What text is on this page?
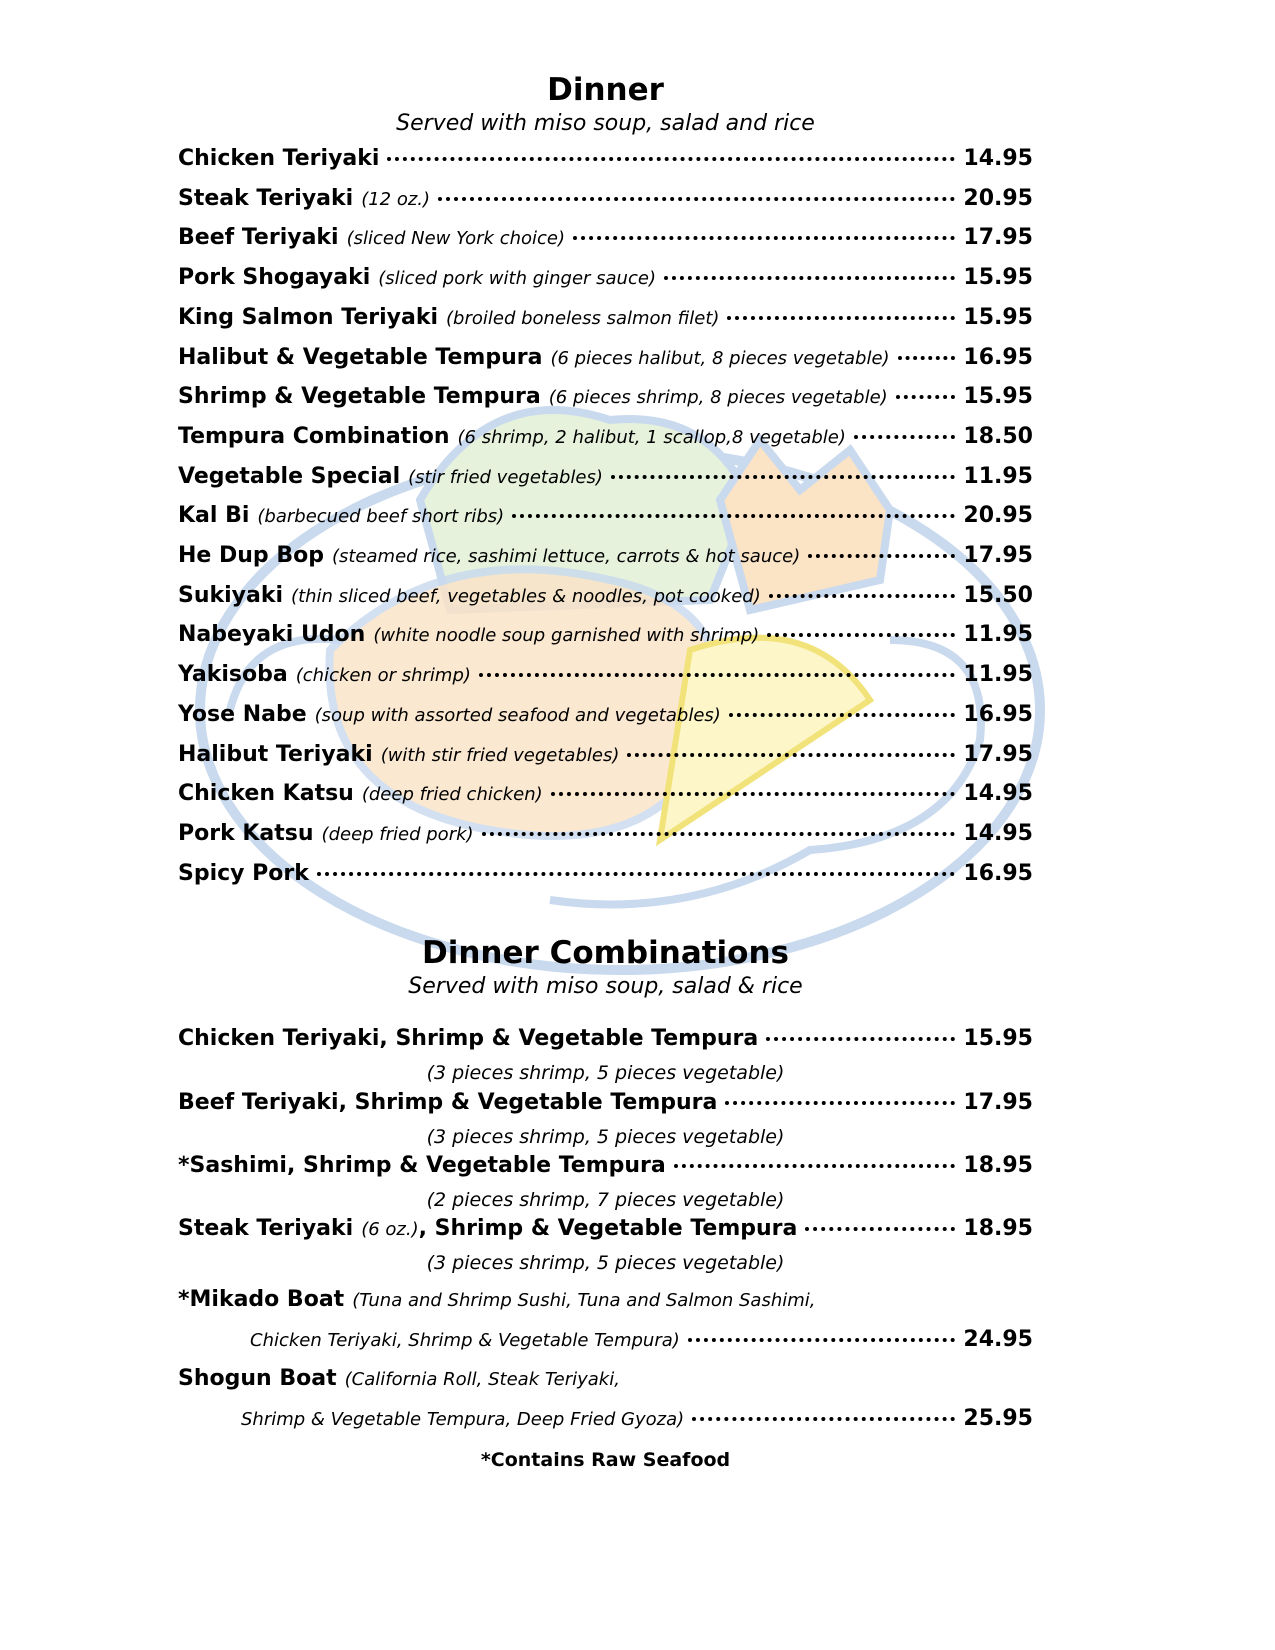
Dinner
Served with miso soup, salad and rice
Chicken Teriyaki	14.95
Steak Teriyaki (12 oz.)	20.95
Beef Teriyaki (sliced New York choice)	17.95
Pork Shogayaki (sliced pork with ginger sauce)	15.95
King Salmon Teriyaki (broiled boneless salmon filet)	15.95
Halibut & Vegetable Tempura (6 pieces halibut, 8 pieces vegetable)	16.95
Shrimp & Vegetable Tempura (6 pieces shrimp, 8 pieces vegetable)	15.95
Tempura Combination (6 shrimp, 2 halibut, 1 scallop,8 vegetable)	18.50
Vegetable Special (stir fried vegetables)	11.95
Kal Bi (barbecued beef short ribs)	20.95
He Dup Bop (steamed rice, sashimi lettuce, carrots & hot sauce)	17.95
Sukiyaki (thin sliced beef, vegetables & noodles, pot cooked)	15.50
Nabeyaki Udon (white noodle soup garnished with shrimp)	11.95
Yakisoba (chicken or shrimp)	11.95
Yose Nabe (soup with assorted seafood and vegetables)	16.95
Halibut Teriyaki (with stir fried vegetables)	17.95
Chicken Katsu (deep fried chicken)	14.95
Pork Katsu (deep fried pork)	14.95
Spicy Pork	16.95
Dinner Combinations
Served with miso soup, salad & rice
Chicken Teriyaki, Shrimp & Vegetable Tempura	15.95
(3 pieces shrimp, 5 pieces vegetable)
Beef Teriyaki, Shrimp & Vegetable Tempura	17.95
(3 pieces shrimp, 5 pieces vegetable)
*Sashimi, Shrimp & Vegetable Tempura	18.95
(2 pieces shrimp, 7 pieces vegetable)
Steak Teriyaki (6 oz.) , Shrimp & Vegetable Tempura	18.95
(3 pieces shrimp, 5 pieces vegetable)
*Mikado Boat (Tuna and Shrimp Sushi, Tuna and Salmon Sashimi,
Chicken Teriyaki, Shrimp & Vegetable Tempura)	24.95
Shogun Boat (California Roll, Steak Teriyaki,
Shrimp & Vegetable Tempura, Deep Fried Gyoza)	25.95
*Contains Raw Seafood
